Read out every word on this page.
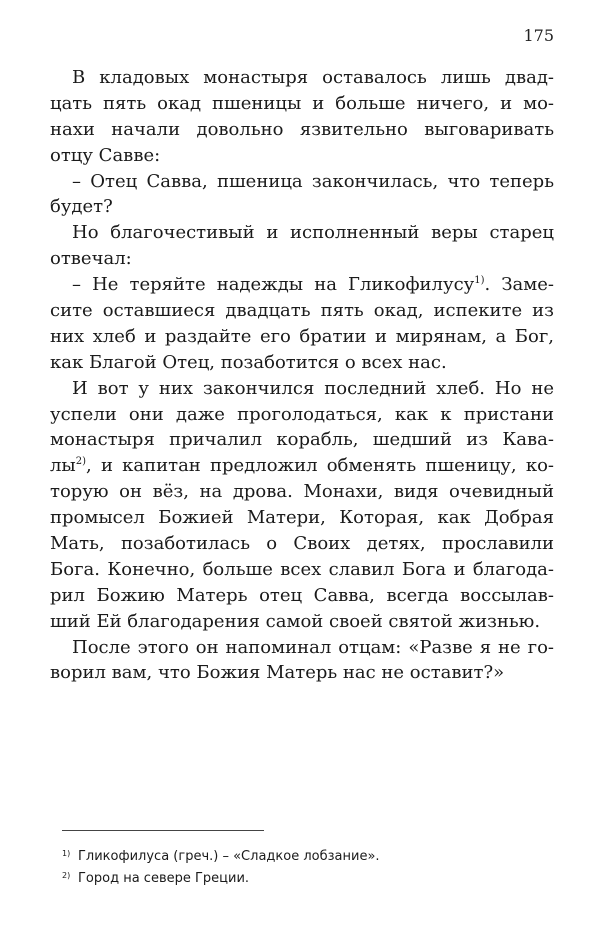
175
В кладовых монастыря оставалось лишь двад-
цать пять окад пшеницы и больше ничего, и мо-
нахи начали довольно язвительно выговаривать
отцу Савве:
– Отец Савва, пшеница закончилась, что теперь
будет?
Но благочестивый и исполненный веры старец
отвечал:
– Не теряйте надежды на Гликофилусу$^{1)}$. Заме-
сите оставшиеся двадцать пять окад, испеките из
них хлеб и раздайте его братии и мирянам, а Бог,
как Благой Отец, позаботится о всех нас.
И вот у них закончился последний хлеб. Но не
успели они даже проголодаться, как к пристани
монастыря причалил корабль, шедший из Кава-
$лы^{2)}$, и капитан предложил обменять пшеницу, ко-
торую он вёз, на дрова. Монахи, видя очевидный
промысел Божией Матери, Которая, как Добрая
Мать, позаботилась о Своих детях, прославили
Бога. Конечно, больше всех славил Бога и благода-
рил Божию Матерь отец Савва, всегда воссылав-
ший Ей благодарения самой своей святой жизнью.
После этого он напоминал отцам: «Разве я не го-
ворил вам, что Божия Матерь нас не оставит?»
1) Гликофилуса (греч.) – «Сладкое лобзание».
2) Город на севере Греции.
